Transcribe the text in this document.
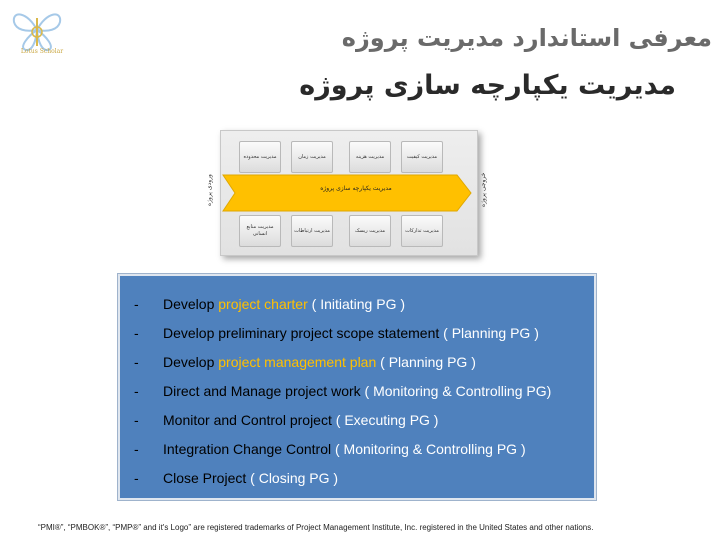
Lotus Scholar	معرفی استاندارد مدیریت پروژه
مدیریت یکپارچه سازی پروژه
ورودی پروژه	خروجی پروژه
مدیریت محدوده	مدیریت زمان	مدیریت هزینه	مدیریت کیفیت
مدیریت یکپارچه سازی پروژه
مدیریت منابع انسانی
مدیریت ارتباطات	مدیریت ریسک	مدیریت تدارکات
- Develop project charter ( Initiating PG )
- Develop preliminary project scope statement ( Planning PG )
- Develop project management plan ( Planning PG )
- Direct and Manage project work ( Monitoring & Controlling PG)
- Monitor and Control project ( Executing PG )
- Integration Change Control ( Monitoring & Controlling PG )
- Close Project ( Closing PG )
“PMI®”, “PMBOK®”, “PMP®” and it's Logo” are registered trademarks of Project Management Institute, Inc. registered in the United States and other nations.
